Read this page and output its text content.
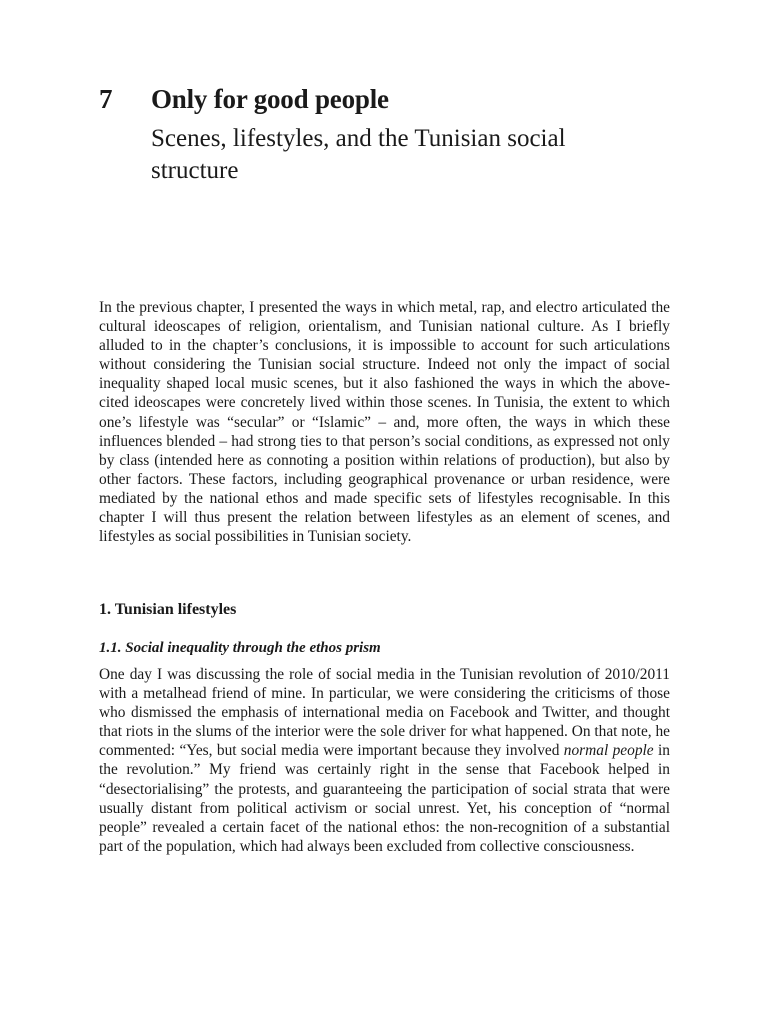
7	Only for good people
Scenes, lifestyles, and the Tunisian social structure

In the previous chapter, I presented the ways in which metal, rap, and electro articulated the cultural ideoscapes of religion, orientalism, and Tunisian national culture. As I briefly alluded to in the chapter’s conclusions, it is impossible to account for such articulations without considering the Tunisian social structure. Indeed not only the impact of social inequality shaped local music scenes, but it also fashioned the ways in which the above-cited ideoscapes were concretely lived within those scenes. In Tunisia, the extent to which one’s lifestyle was “secular” or “Islamic” – and, more often, the ways in which these influences blended – had strong ties to that person’s social conditions, as expressed not only by class (intended here as connoting a position within relations of production), but also by other factors. These factors, including geographical provenance or urban residence, were mediated by the national ethos and made specific sets of lifestyles recognisable. In this chapter I will thus present the relation between lifestyles as an element of scenes, and lifestyles as social possibilities in Tunisian society.

1. Tunisian lifestyles
1.1. Social inequality through the ethos prism

One day I was discussing the role of social media in the Tunisian revolution of 2010/2011 with a metalhead friend of mine. In particular, we were considering the criticisms of those who dismissed the emphasis of international media on Facebook and Twitter, and thought that riots in the slums of the interior were the sole driver for what happened. On that note, he commented: “Yes, but social media were important because they involved normal people in the revolution.” My friend was certainly right in the sense that Facebook helped in “desectorialising” the protests, and guaranteeing the participation of social strata that were usually distant from political activism or social unrest. Yet, his conception of “normal people” revealed a certain facet of the national ethos: the non-recognition of a substantial part of the population, which had always been excluded from collective consciousness.
